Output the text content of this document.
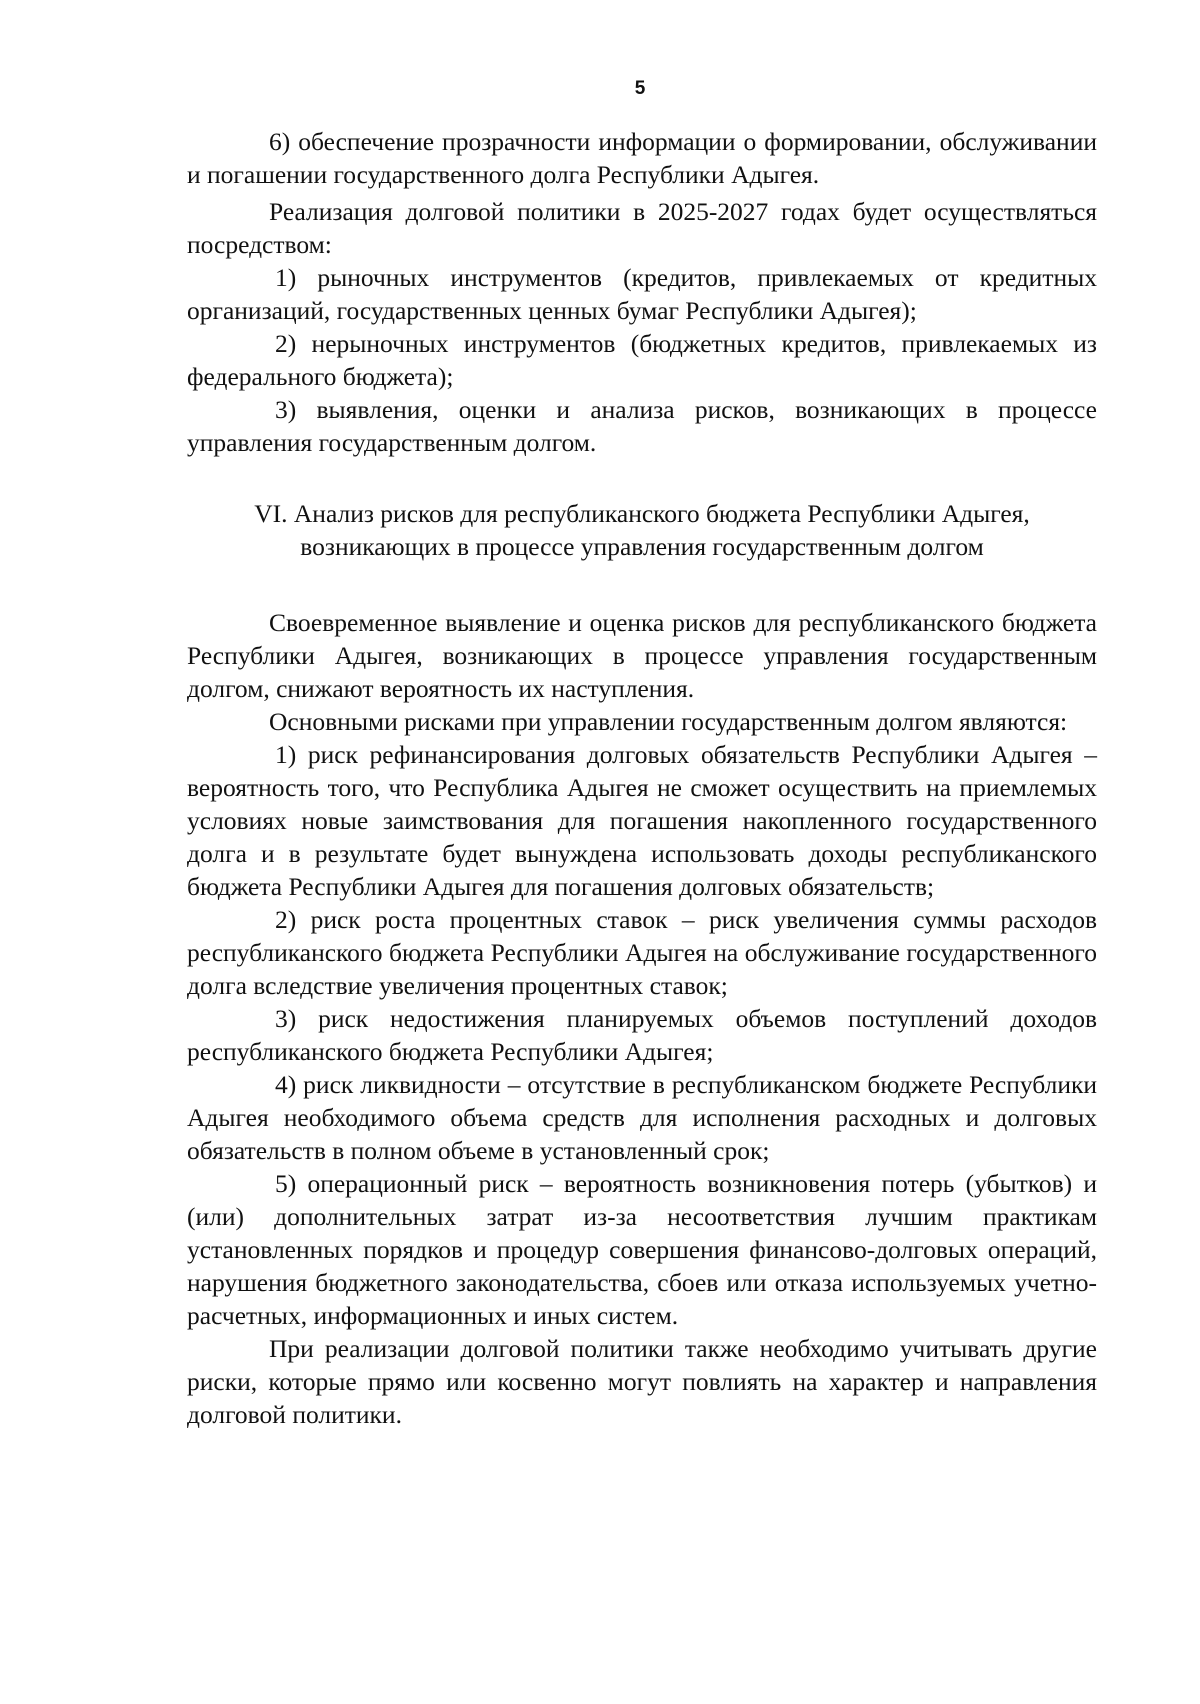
5

6) обеспечение прозрачности информации о формировании, обслуживании и погашении государственного долга Республики Адыгея.

Реализация долговой политики в 2025-2027 годах будет осуществляться посредством:

1) рыночных инструментов (кредитов, привлекаемых от кредитных организаций, государственных ценных бумаг Республики Адыгея);

2) нерыночных инструментов (бюджетных кредитов, привлекаемых из федерального бюджета);

3) выявления, оценки и анализа рисков, возникающих в процессе управления государственным долгом.

VI. Анализ рисков для республиканского бюджета Республики Адыгея,
возникающих в процессе управления государственным долгом

Своевременное выявление и оценка рисков для республиканского бюджета Республики Адыгея, возникающих в процессе управления государственным долгом, снижают вероятность их наступления.

Основными рисками при управлении государственным долгом являются:

1) риск рефинансирования долговых обязательств Республики Адыгея – вероятность того, что Республика Адыгея не сможет осуществить на приемлемых условиях новые заимствования для погашения накопленного государственного долга и в результате будет вынуждена использовать доходы республиканского бюджета Республики Адыгея для погашения долговых обязательств;

2) риск роста процентных ставок – риск увеличения суммы расходов республиканского бюджета Республики Адыгея на обслуживание государственного долга вследствие увеличения процентных ставок;

3) риск недостижения планируемых объемов поступлений доходов республиканского бюджета Республики Адыгея;

4) риск ликвидности – отсутствие в республиканском бюджете Республики Адыгея необходимого объема средств для исполнения расходных и долговых обязательств в полном объеме в установленный срок;

5) операционный риск – вероятность возникновения потерь (убытков) и (или) дополнительных затрат из-за несоответствия лучшим практикам установленных порядков и процедур совершения финансово-долговых операций, нарушения бюджетного законодательства, сбоев или отказа используемых учетно-расчетных, информационных и иных систем.

При реализации долговой политики также необходимо учитывать другие риски, которые прямо или косвенно могут повлиять на характер и направления долговой политики.
